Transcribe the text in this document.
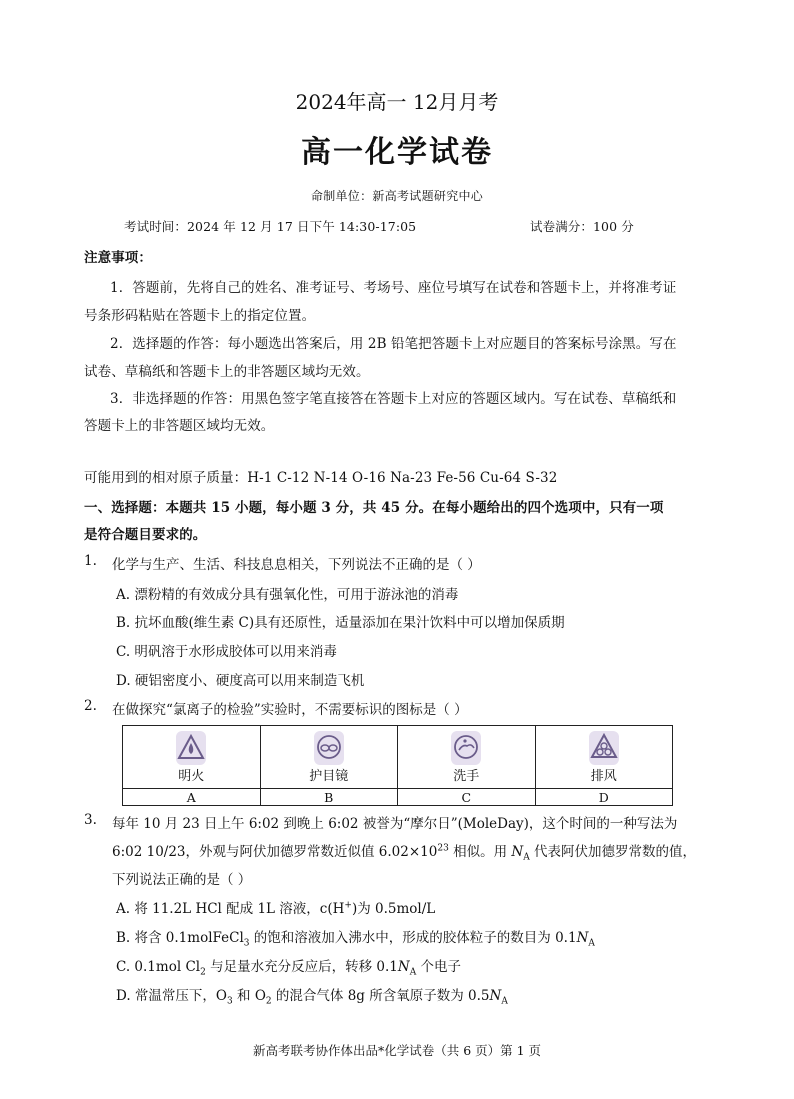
2024年高一 12月月考
高一化学试卷
命制单位：新高考试题研究中心
考试时间：2024 年 12 月 17 日下午 14:30-17:05	试卷满分：100 分
注意事项：
1．答题前，先将自己的姓名、准考证号、考场号、座位号填写在试卷和答题卡上，并将准考证
号条形码粘贴在答题卡上的指定位置。
2．选择题的作答：每小题选出答案后，用 2B 铅笔把答题卡上对应题目的答案标号涂黑。写在
试卷、草稿纸和答题卡上的非答题区域均无效。
3．非选择题的作答：用黑色签字笔直接答在答题卡上对应的答题区域内。写在试卷、草稿纸和
答题卡上的非答题区域均无效。
可能用到的相对原子质量：H-1 C-12 N-14 O-16 Na-23 Fe-56 Cu-64 S-32
一、选择题：本题共 15 小题，每小题 3 分，共 45 分。在每小题给出的四个选项中，只有一项
是符合题目要求的。
1. 化学与生产、生活、科技息息相关，下列说法不正确的是（ ）
A. 漂粉精的有效成分具有强氧化性，可用于游泳池的消毒
B. 抗坏血酸(维生素 C)具有还原性，适量添加在果汁饮料中可以增加保质期
C. 明矾溶于水形成胶体可以用来消毒
D. 硬铝密度小、硬度高可以用来制造飞机
2. 在做探究“氯离子的检验”实验时，不需要标识的图标是（ ）
明火	护目镜	洗手	排风

A	B	C	D
3. 每年 10 月 23 日上午 6:02 到晚上 6:02 被誉为“摩尔日”(MoleDay)，这个时间的一种写法为
6:02 10/23，外观与阿伏加德罗常数近似值 $6.02\times 10^{23}$ 相似。用 $N_A$ 代表阿伏加德罗常数的值，
下列说法正确的是（ ）
A. 将 11.2L HCl 配成 1L 溶液，c(H+)为 0.5mol/L
B. 将含 0.1molFeCl$_3$ 的饱和溶液加入沸水中，形成的胶体粒子的数目为 $0.1N_A$
C. 0.1mol $Cl_2$ 与足量水充分反应后，转移 $0.1N_A$ 个电子
D. 常温常压下，$O_3$ 和 $O_2$ 的混合气体 8g 所含氧原子数为 $0.5N_A$
新高考联考协作体出品*化学试卷（共 6 页）第 1 页
